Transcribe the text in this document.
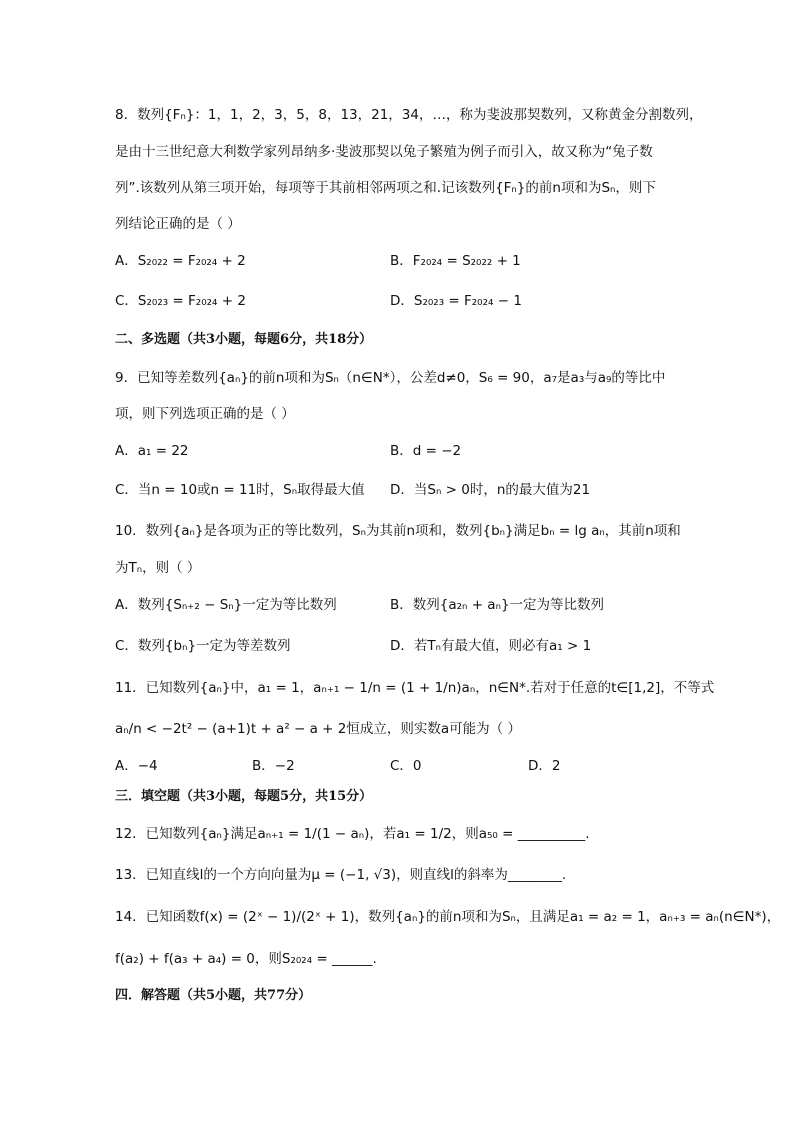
8．数列{Fₙ}：1，1，2，3，5，8，13，21，34，…，称为斐波那契数列，又称黄金分割数列，
是由十三世纪意大利数学家列昂纳多·斐波那契以兔子繁殖为例子而引入，故又称为“兔子数
列”.该数列从第三项开始，每项等于其前相邻两项之和.记该数列{Fₙ}的前n项和为Sₙ，则下
列结论正确的是（ ）
A．S₂₀₂₂ = F₂₀₂₄ + 2	B．F₂₀₂₄ = S₂₀₂₂ + 1
C．S₂₀₂₃ = F₂₀₂₄ + 2	D．S₂₀₂₃ = F₂₀₂₄ − 1
二、多选题（共3小题，每题6分，共18分）
9．已知等差数列{aₙ}的前n项和为Sₙ（n∈N*），公差d≠0，S₆ = 90，a₇是a₃与a₉的等比中
项，则下列选项正确的是（ ）
A．a₁ = 22	B．d = −2
C．当n = 10或n = 11时，Sₙ取得最大值 D．当Sₙ > 0时，n的最大值为21
10．数列{aₙ}是各项为正的等比数列，Sₙ为其前n项和，数列{bₙ}满足bₙ = lg aₙ，其前n项和
为Tₙ，则（ ）
A．数列{Sₙ₊₂ − Sₙ}一定为等比数列	B．数列{a₂ₙ + aₙ}一定为等比数列
C．数列{bₙ}一定为等差数列	D．若Tₙ有最大值，则必有a₁ > 1
11．已知数列{aₙ}中，a₁ = 1，aₙ₊₁ − 1/n = (1 + 1/n)aₙ，n∈N*.若对于任意的t∈[1,2]，不等式
aₙ/n < −2t² − (a+1)t + a² − a + 2恒成立，则实数a可能为（ ）
A．−4	B．−2	C．0	D．2
三．填空题（共3小题，每题5分，共15分）
12．已知数列{aₙ}满足aₙ₊₁ = 1/(1 − aₙ)，若a₁ = 1/2，则a₅₀ = __________.
13．已知直线l的一个方向向量为μ = (−1, √3)，则直线l的斜率为________.
14．已知函数f(x) = (2ˣ − 1)/(2ˣ + 1)，数列{aₙ}的前n项和为Sₙ，且满足a₁ = a₂ = 1，aₙ₊₃ = aₙ(n∈N*)，
f(a₂) + f(a₃ + a₄) = 0，则S₂₀₂₄ = ______.
四．解答题（共5小题，共77分）
